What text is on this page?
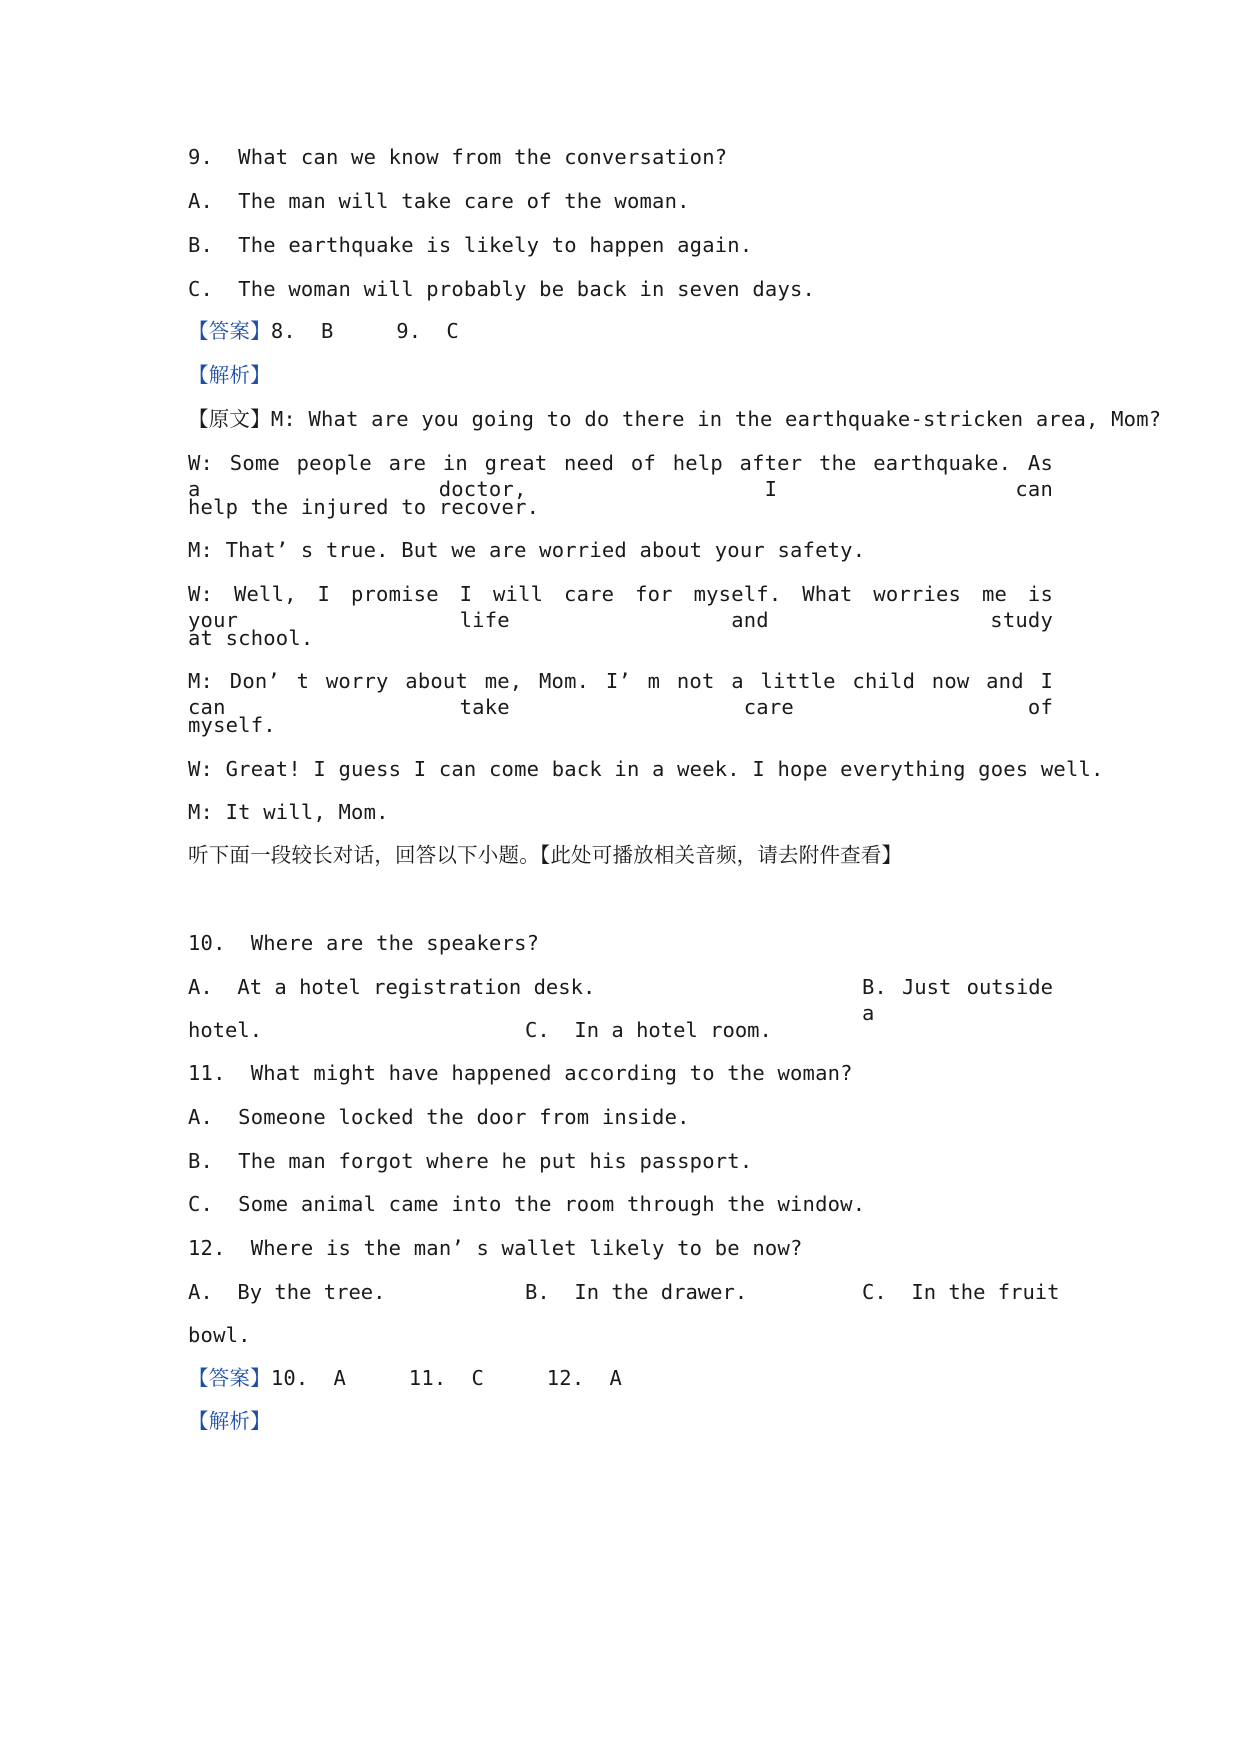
9.  What can we know from the conversation?
A.  The man will take care of the woman.
B.  The earthquake is likely to happen again.
C.  The woman will probably be back in seven days.
【答案】8.  B     9.  C
【解析】
【原文】M: What are you going to do there in the earthquake-stricken area, Mom?
W: Some people are in great need of help after the earthquake. As a doctor, I can
help the injured to recover.
M: That’ s true. But we are worried about your safety.
W: Well, I promise I will care for myself. What worries me is your life and study
at school.
M: Don’ t worry about me, Mom. I’ m not a little child now and I can take care of
myself.
W: Great! I guess I can come back in a week. I hope everything goes well.
M: It will, Mom.
听下面一段较长对话，回答以下小题。【此处可播放相关音频，请去附件查看】
10.  Where are the speakers?

A.  At a hotel registration desk.

	B. Just outside a

hotel.

	C.  In a hotel room.

11.  What might have happened according to the woman?
A.  Someone locked the door from inside.
B.  The man forgot where he put his passport.
C.  Some animal came into the room through the window.
12.  Where is the man’ s wallet likely to be now?

A.  By the tree.

	B.  In the drawer.

	C.  In the fruit

bowl.
【答案】10.  A     11.  C     12.  A
【解析】
